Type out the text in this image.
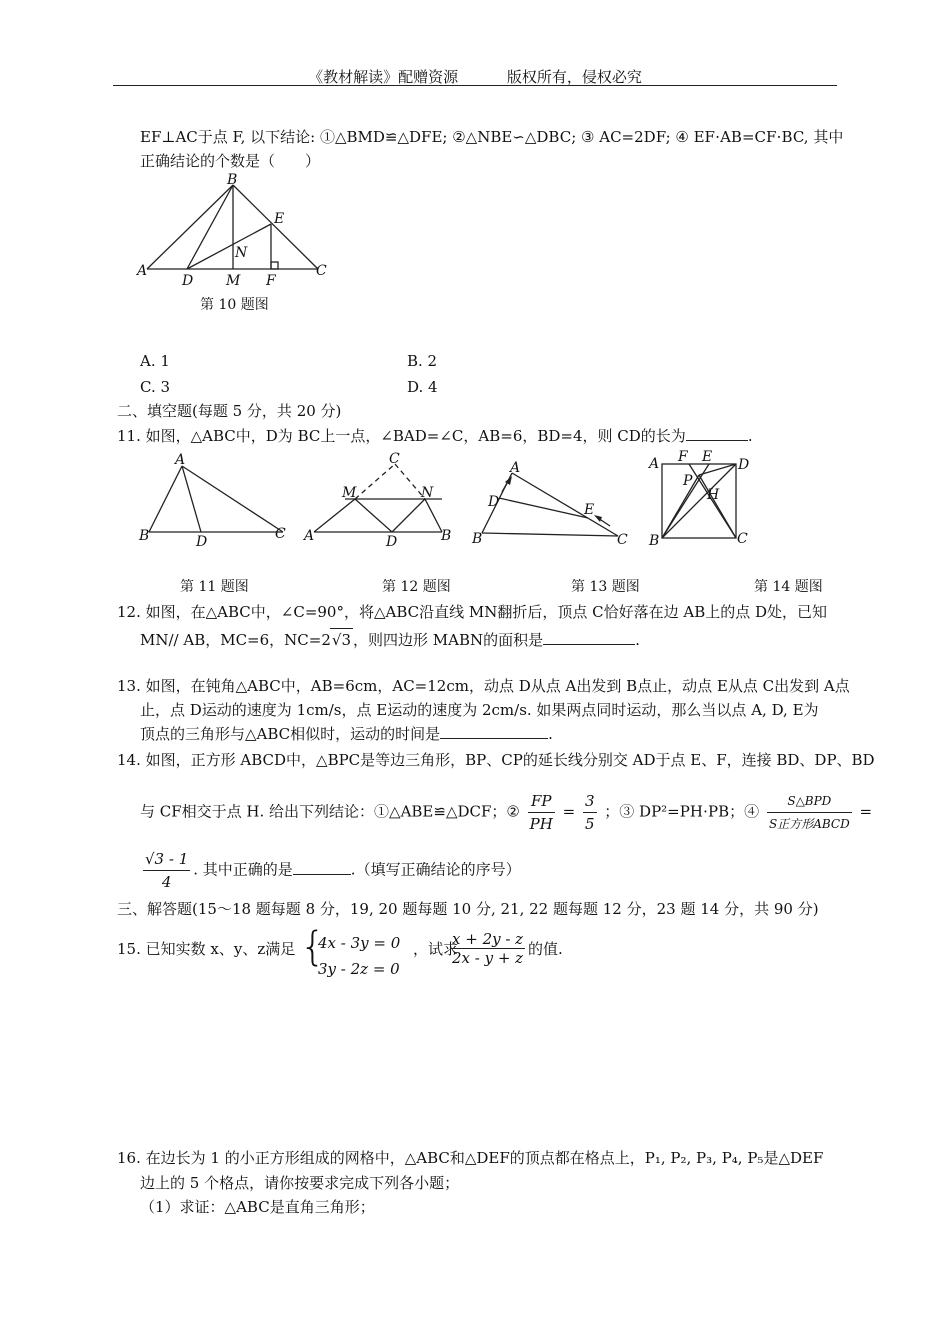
《教材解读》配赠资源	版权所有，侵权必究
EF⊥AC于点 F, 以下结论: ①△BMD≌△DFE; ②△NBE∽△DBC; ③ AC=2DF; ④ EF⋅AB=CF⋅BC, 其中
正确结论的个数是（　　）
A
B
C
D M F
N
E
第 10 题图
A. 1	B. 2
C. 3	D. 4
二、填空题(每题 5 分，共 20 分)
11. 如图，△ABC中，D为 BC上一点，∠BAD=∠C，AB=6，BD=4，则 CD的长为	.
A
B	C
D
C
M	N
A	B
D
A
D	E
B	C
A F E D
P
H
B	C
第 11 题图	第 12 题图	第 13 题图	第 14 题图
12. 如图，在△ABC中，∠C=90°，将△ABC沿直线 MN翻折后，顶点 C恰好落在边 AB上的点 D处，已知
MN// AB，MC=6，NC=2√3 ，则四边形 MABN的面积是	.
13. 如图，在钝角△ABC中，AB=6cm，AC=12cm，动点 D从点 A出发到 B点止，动点 E从点 C出发到 A点
止，点 D运动的速度为 1cm/s，点 E运动的速度为 2cm/s. 如果两点同时运动，那么当以点 A, D, E为
顶点的三角形与△ABC相似时，运动的时间是	.
14. 如图，正方形 ABCD中，△BPC是等边三角形，BP、CP的延长线分别交 AD于点 E、F，连接 BD、DP、BD
与 CF相交于点 H. 给出下列结论：①△ABE≌△DCF；② $\frac{FP}{PH} = \frac{3}{5}$ ；③ DP²=PH⋅PB；④ $\frac{\text{S△BPD}}{\text{S正方形ABCD}}$ =
$\frac{√3 - 1}{4}$ . 其中正确的是	.（填写正确结论的序号）
三、解答题(15～18 题每题 8 分，19, 20 题每题 10 分, 21, 22 题每题 12 分，23 题 14 分，共 90 分)
15. 已知实数 x、y、z满足 {
4x - 3y = 0
3y - 2z = 0
，试求
$\frac{x + 2y - z}{2x - y + z}$ 的值.
16. 在边长为 1 的小正方形组成的网格中，△ABC和△DEF的顶点都在格点上，P₁, P₂, P₃, P₄, P₅是△DEF
边上的 5 个格点，请你按要求完成下列各小题；
（1）求证：△ABC是直角三角形；
